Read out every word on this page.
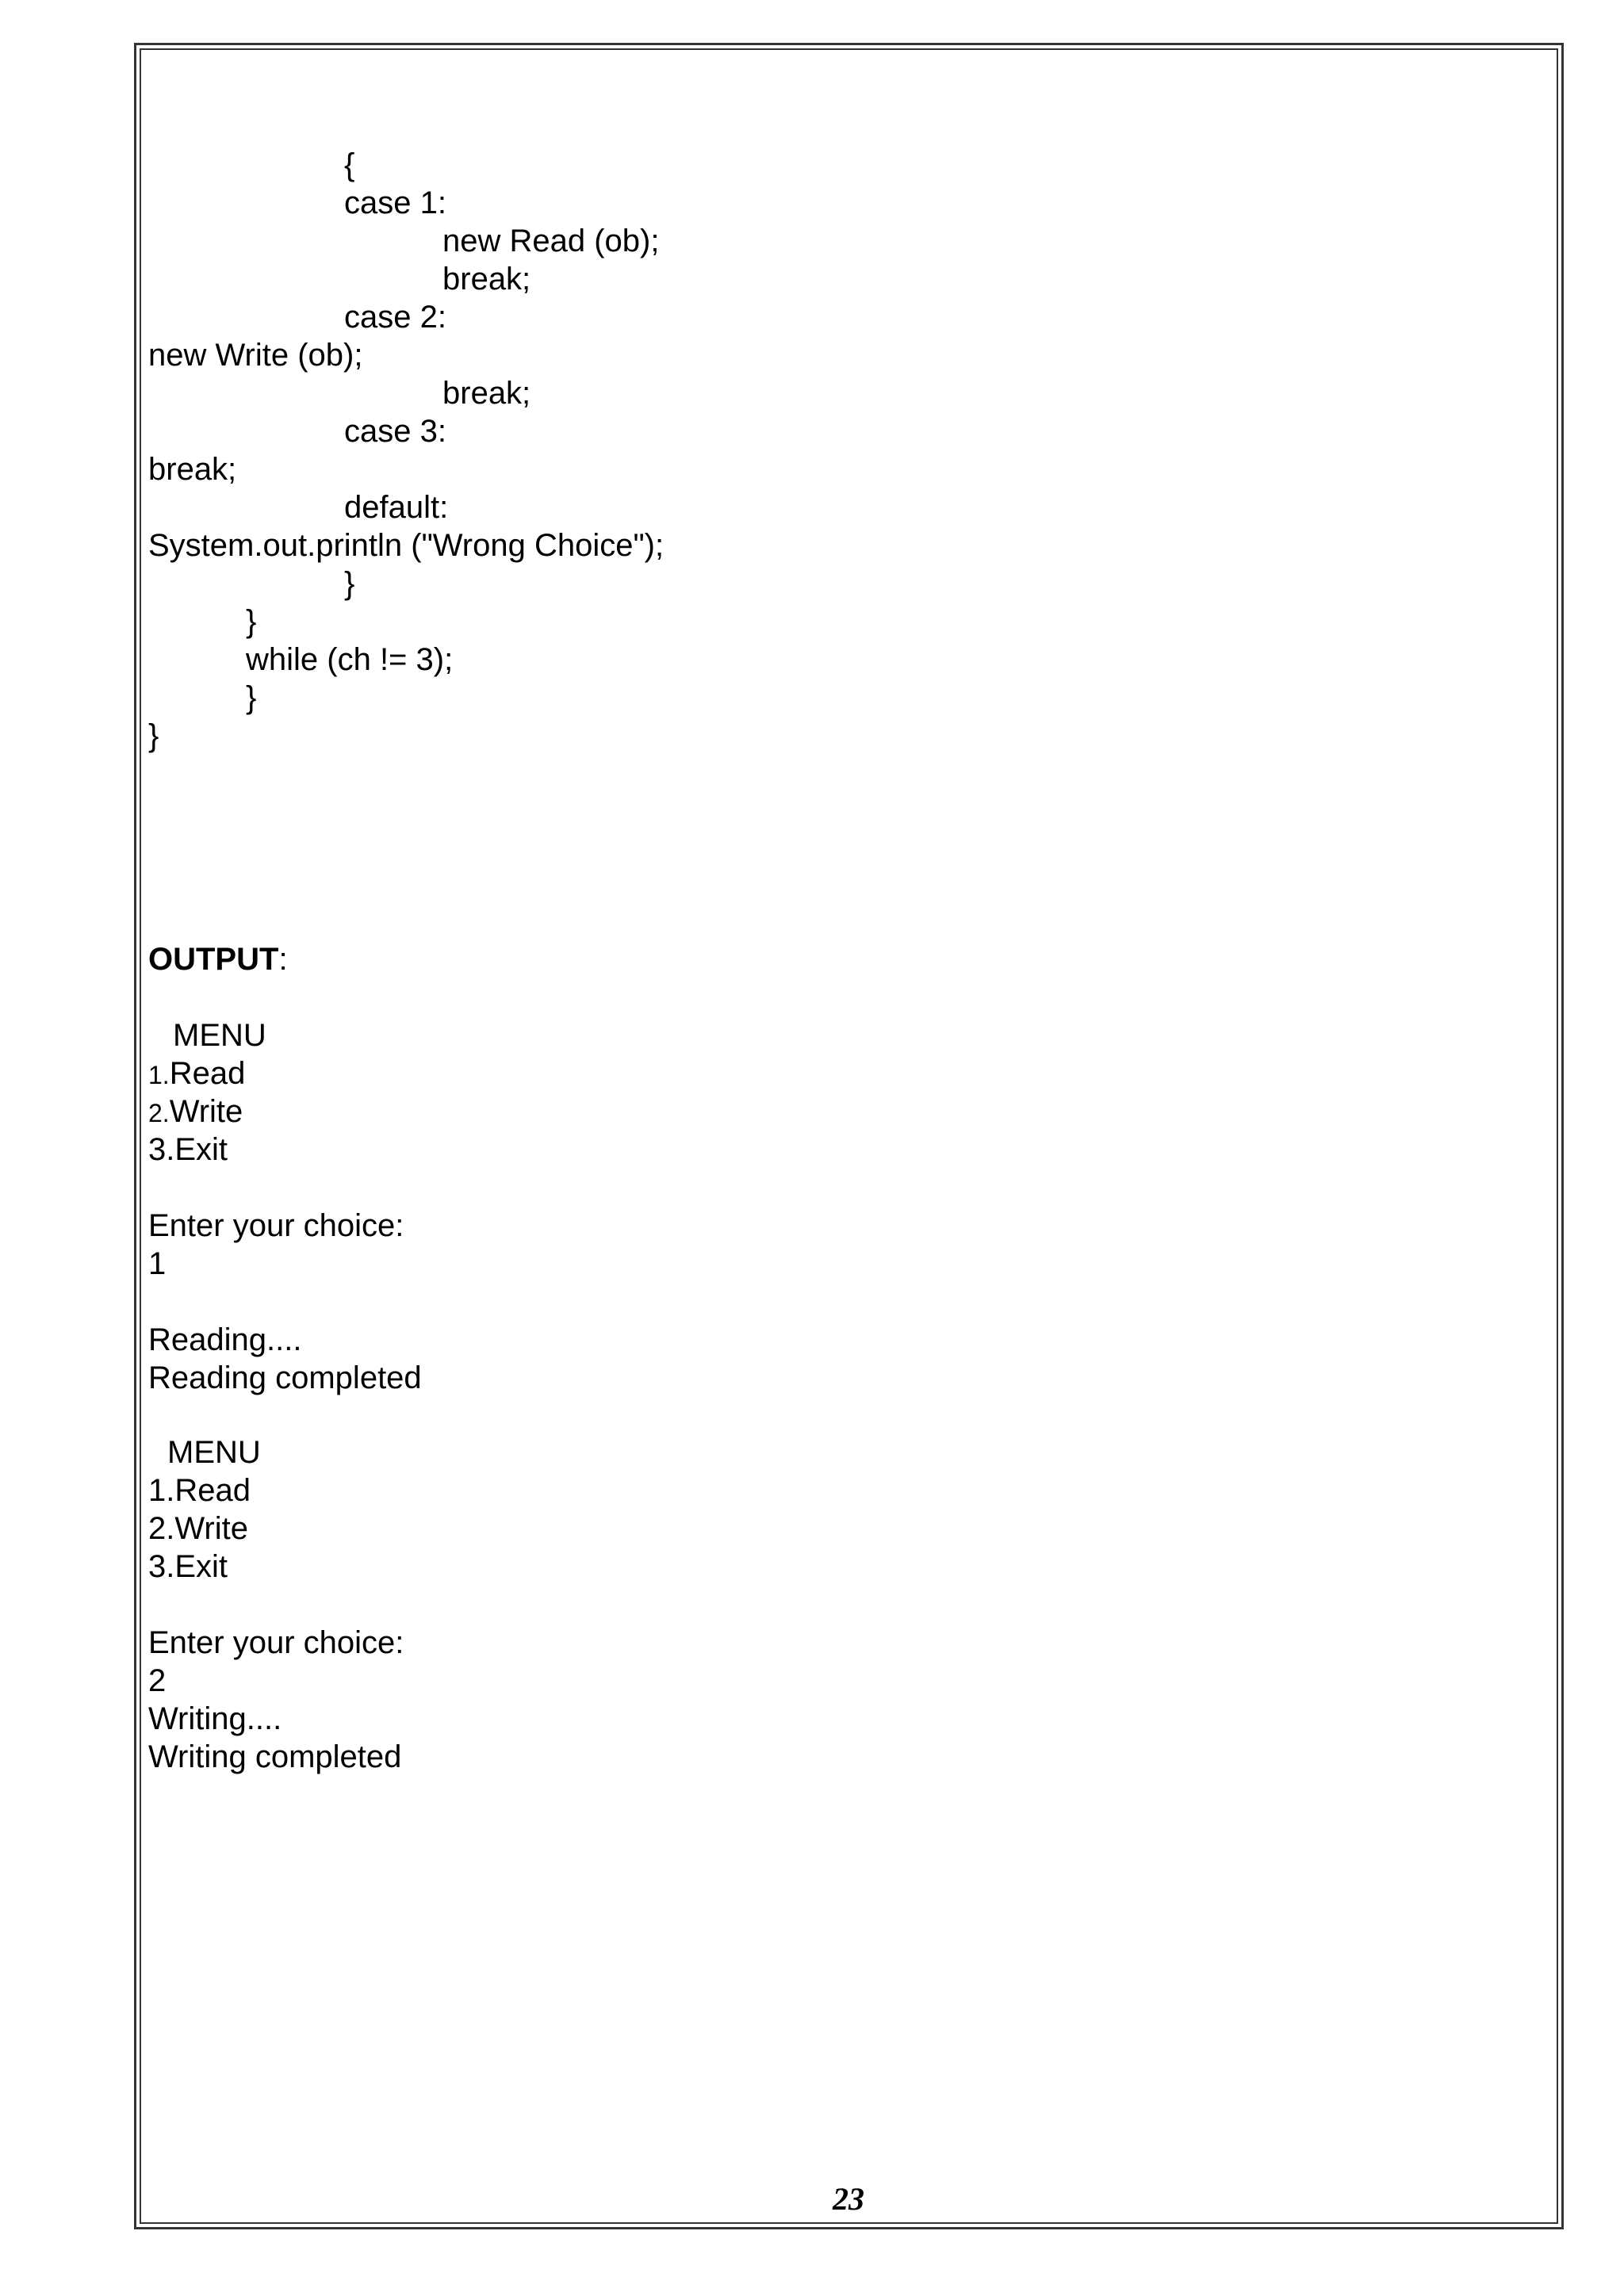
{
case 1:
new Read (ob);
break;
case 2:
new Write (ob);
break;
case 3:
break;
default:
System.out.println ("Wrong Choice");
}
}
while (ch != 3);
}
}
OUTPUT:
MENU
1.Read
2.Write
3.Exit
Enter your choice:
1
Reading....
Reading completed
MENU
1.Read
2.Write
3.Exit
Enter your choice:
2
Writing....
Writing completed
23
